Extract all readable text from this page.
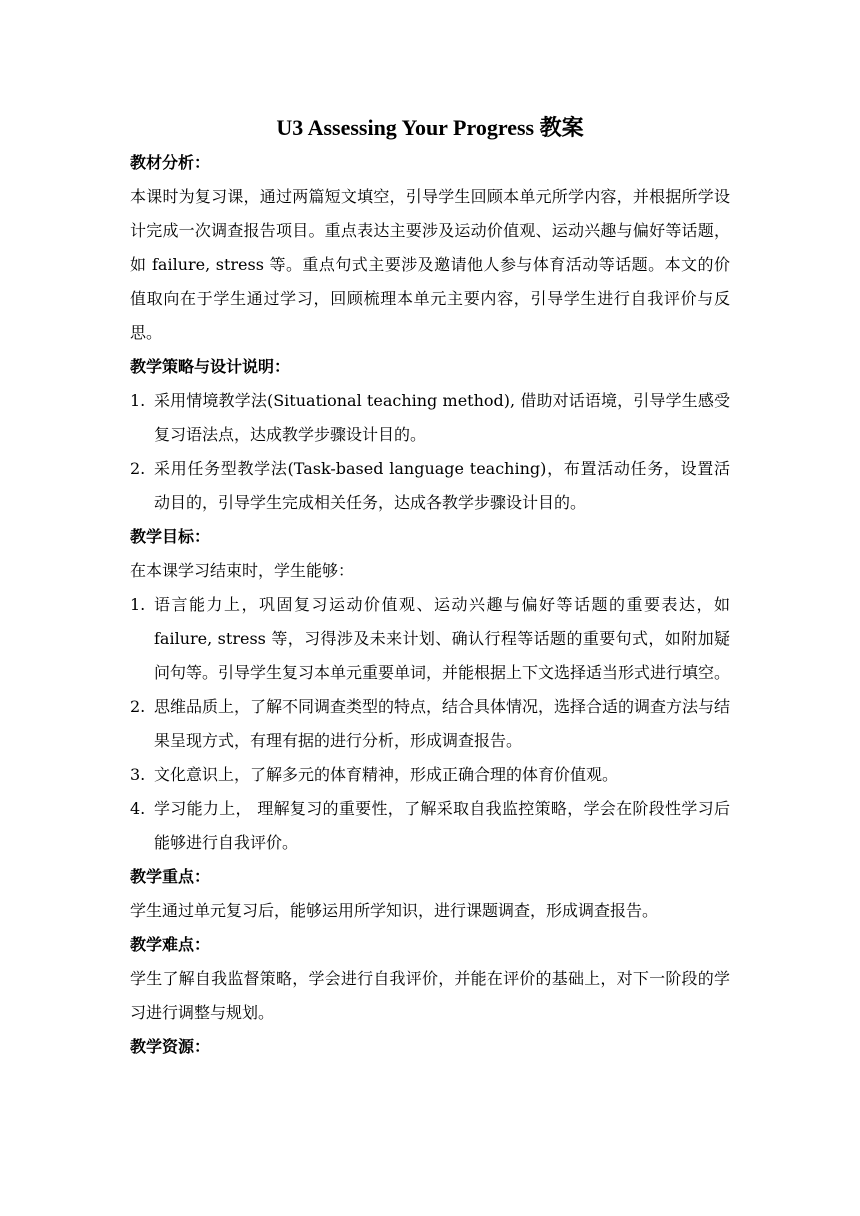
U3 Assessing Your Progress 教案

教材分析：

本课时为复习课，通过两篇短文填空，引导学生回顾本单元所学内容，并根据所学设计完成一次调查报告项目。重点表达主要涉及运动价值观、运动兴趣与偏好等话题，如 failure, stress 等。重点句式主要涉及邀请他人参与体育活动等话题。本文的价值取向在于学生通过学习，回顾梳理本单元主要内容，引导学生进行自我评价与反思。

教学策略与设计说明：

1. 采用情境教学法(Situational teaching method), 借助对话语境，引导学生感受复习语法点，达成教学步骤设计目的。
2. 采用任务型教学法(Task-based language teaching)，布置活动任务，设置活动目的，引导学生完成相关任务，达成各教学步骤设计目的。

教学目标：

在本课学习结束时，学生能够：

1. 语言能力上，巩固复习运动价值观、运动兴趣与偏好等话题的重要表达，如 failure, stress 等，习得涉及未来计划、确认行程等话题的重要句式，如附加疑问句等。引导学生复习本单元重要单词，并能根据上下文选择适当形式进行填空。
2. 思维品质上，了解不同调查类型的特点，结合具体情况，选择合适的调查方法与结果呈现方式，有理有据的进行分析，形成调查报告。
3. 文化意识上，了解多元的体育精神，形成正确合理的体育价值观。
4. 学习能力上， 理解复习的重要性，了解采取自我监控策略，学会在阶段性学习后能够进行自我评价。

教学重点：

学生通过单元复习后，能够运用所学知识，进行课题调查，形成调查报告。

教学难点：

学生了解自我监督策略，学会进行自我评价，并能在评价的基础上，对下一阶段的学习进行调整与规划。

教学资源：
